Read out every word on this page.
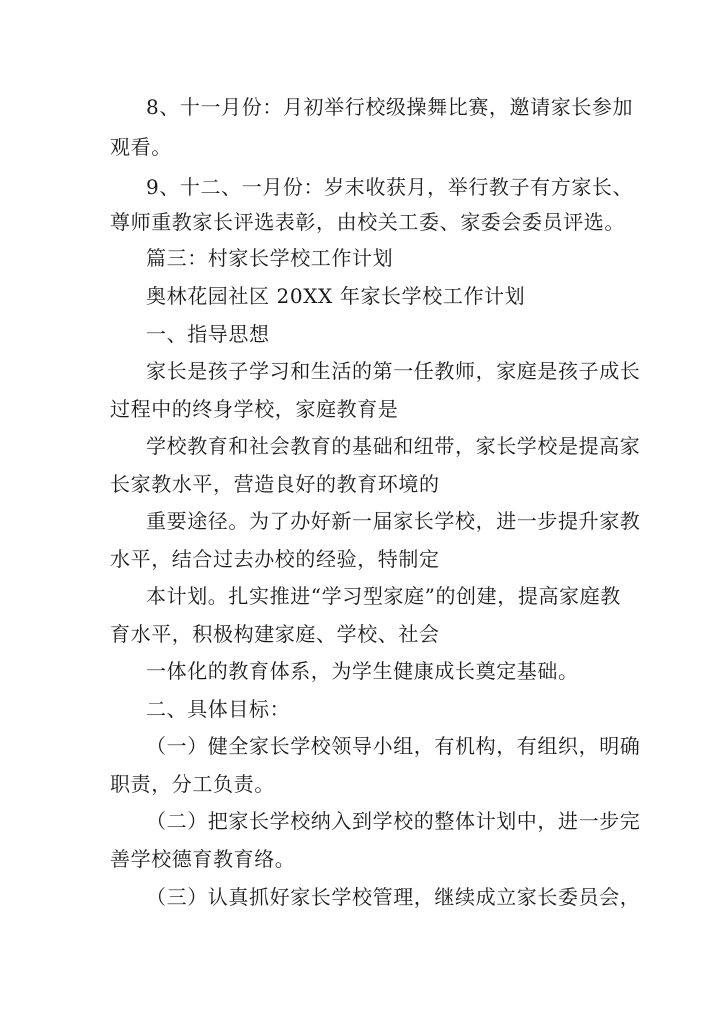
8、十一月份：月初举行校级操舞比赛，邀请家长参加
观看。
9、十二、一月份：岁末收获月，举行教子有方家长、
尊师重教家长评选表彰，由校关工委、家委会委员评选。
篇三：村家长学校工作计划
奥林花园社区 20XX 年家长学校工作计划
一、指导思想
家长是孩子学习和生活的第一任教师，家庭是孩子成长
过程中的终身学校，家庭教育是
学校教育和社会教育的基础和纽带，家长学校是提高家
长家教水平，营造良好的教育环境的
重要途径。为了办好新一届家长学校，进一步提升家教
水平，结合过去办校的经验，特制定
本计划。扎实推进“学习型家庭”的创建，提高家庭教
育水平，积极构建家庭、学校、社会
一体化的教育体系，为学生健康成长奠定基础。
二、具体目标：
（一）健全家长学校领导小组，有机构，有组织，明确
职责，分工负责。
（二）把家长学校纳入到学校的整体计划中，进一步完
善学校德育教育络。
（三）认真抓好家长学校管理，继续成立家长委员会，
